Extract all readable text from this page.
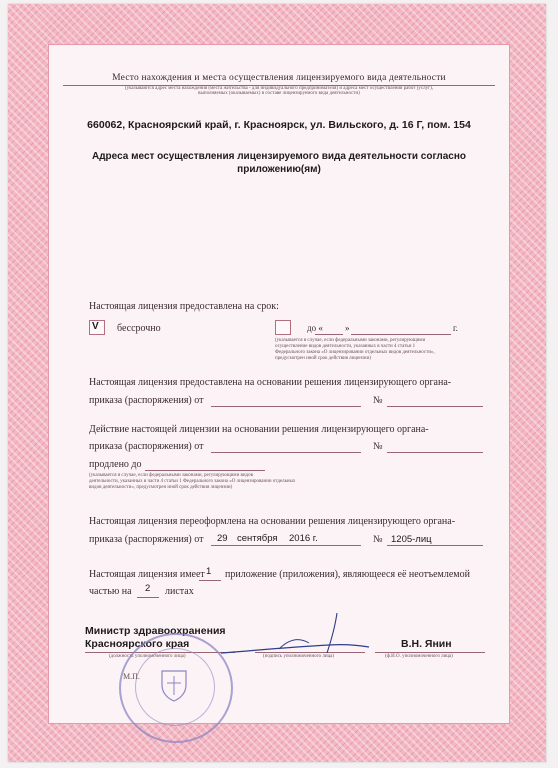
Место нахождения и места осуществления лицензируемого вида деятельности
(указываются адрес места нахождения (места жительства - для индивидуального предпринимателя) и адреса мест осуществления работ (услуг),
выполняемых (оказываемых) в составе лицензируемого вида деятельности)
660062, Красноярский край, г. Красноярск, ул. Вильского, д. 16 Г, пом. 154
Адреса мест осуществления лицензируемого вида деятельности согласно
приложению(ям)
Настоящая лицензия предоставлена на срок:
V бессрочно	до « »	г.
(указывается в случае, если федеральными законами, регулирующими
осуществление видов деятельности, указанных в части 4 статьи 1
Федерального закона «О лицензировании отдельных видов деятельности»,
предусмотрен иной срок действия лицензии)
Настоящая лицензия предоставлена на основании решения лицензирующего органа-
приказа (распоряжения) от	№
Действие настоящей лицензии на основании решения лицензирующего органа-
приказа (распоряжения) от	№
продлено до
(указывается в случае, если федеральными законами, регулирующими видов
деятельности, указанных в части 4 статьи 1 Федерального закона «О лицензировании отдельных
видов деятельности», предусмотрен иной срок действия лицензии)
Настоящая лицензия переоформлена на основании решения лицензирующего органа-
приказа (распоряжения) от 29 сентября 2016 г.	№ 1205-лиц
Настоящая лицензия имеет 1 приложение (приложения), являющееся её неотъемлемой
частью на 2 листах
Министр здравоохранения
Красноярского края
(должность уполномоченного лица)	(подпись уполномоченного лица)
В.Н. Янин
(ф.И.О. уполномоченного лица)
М.П.
